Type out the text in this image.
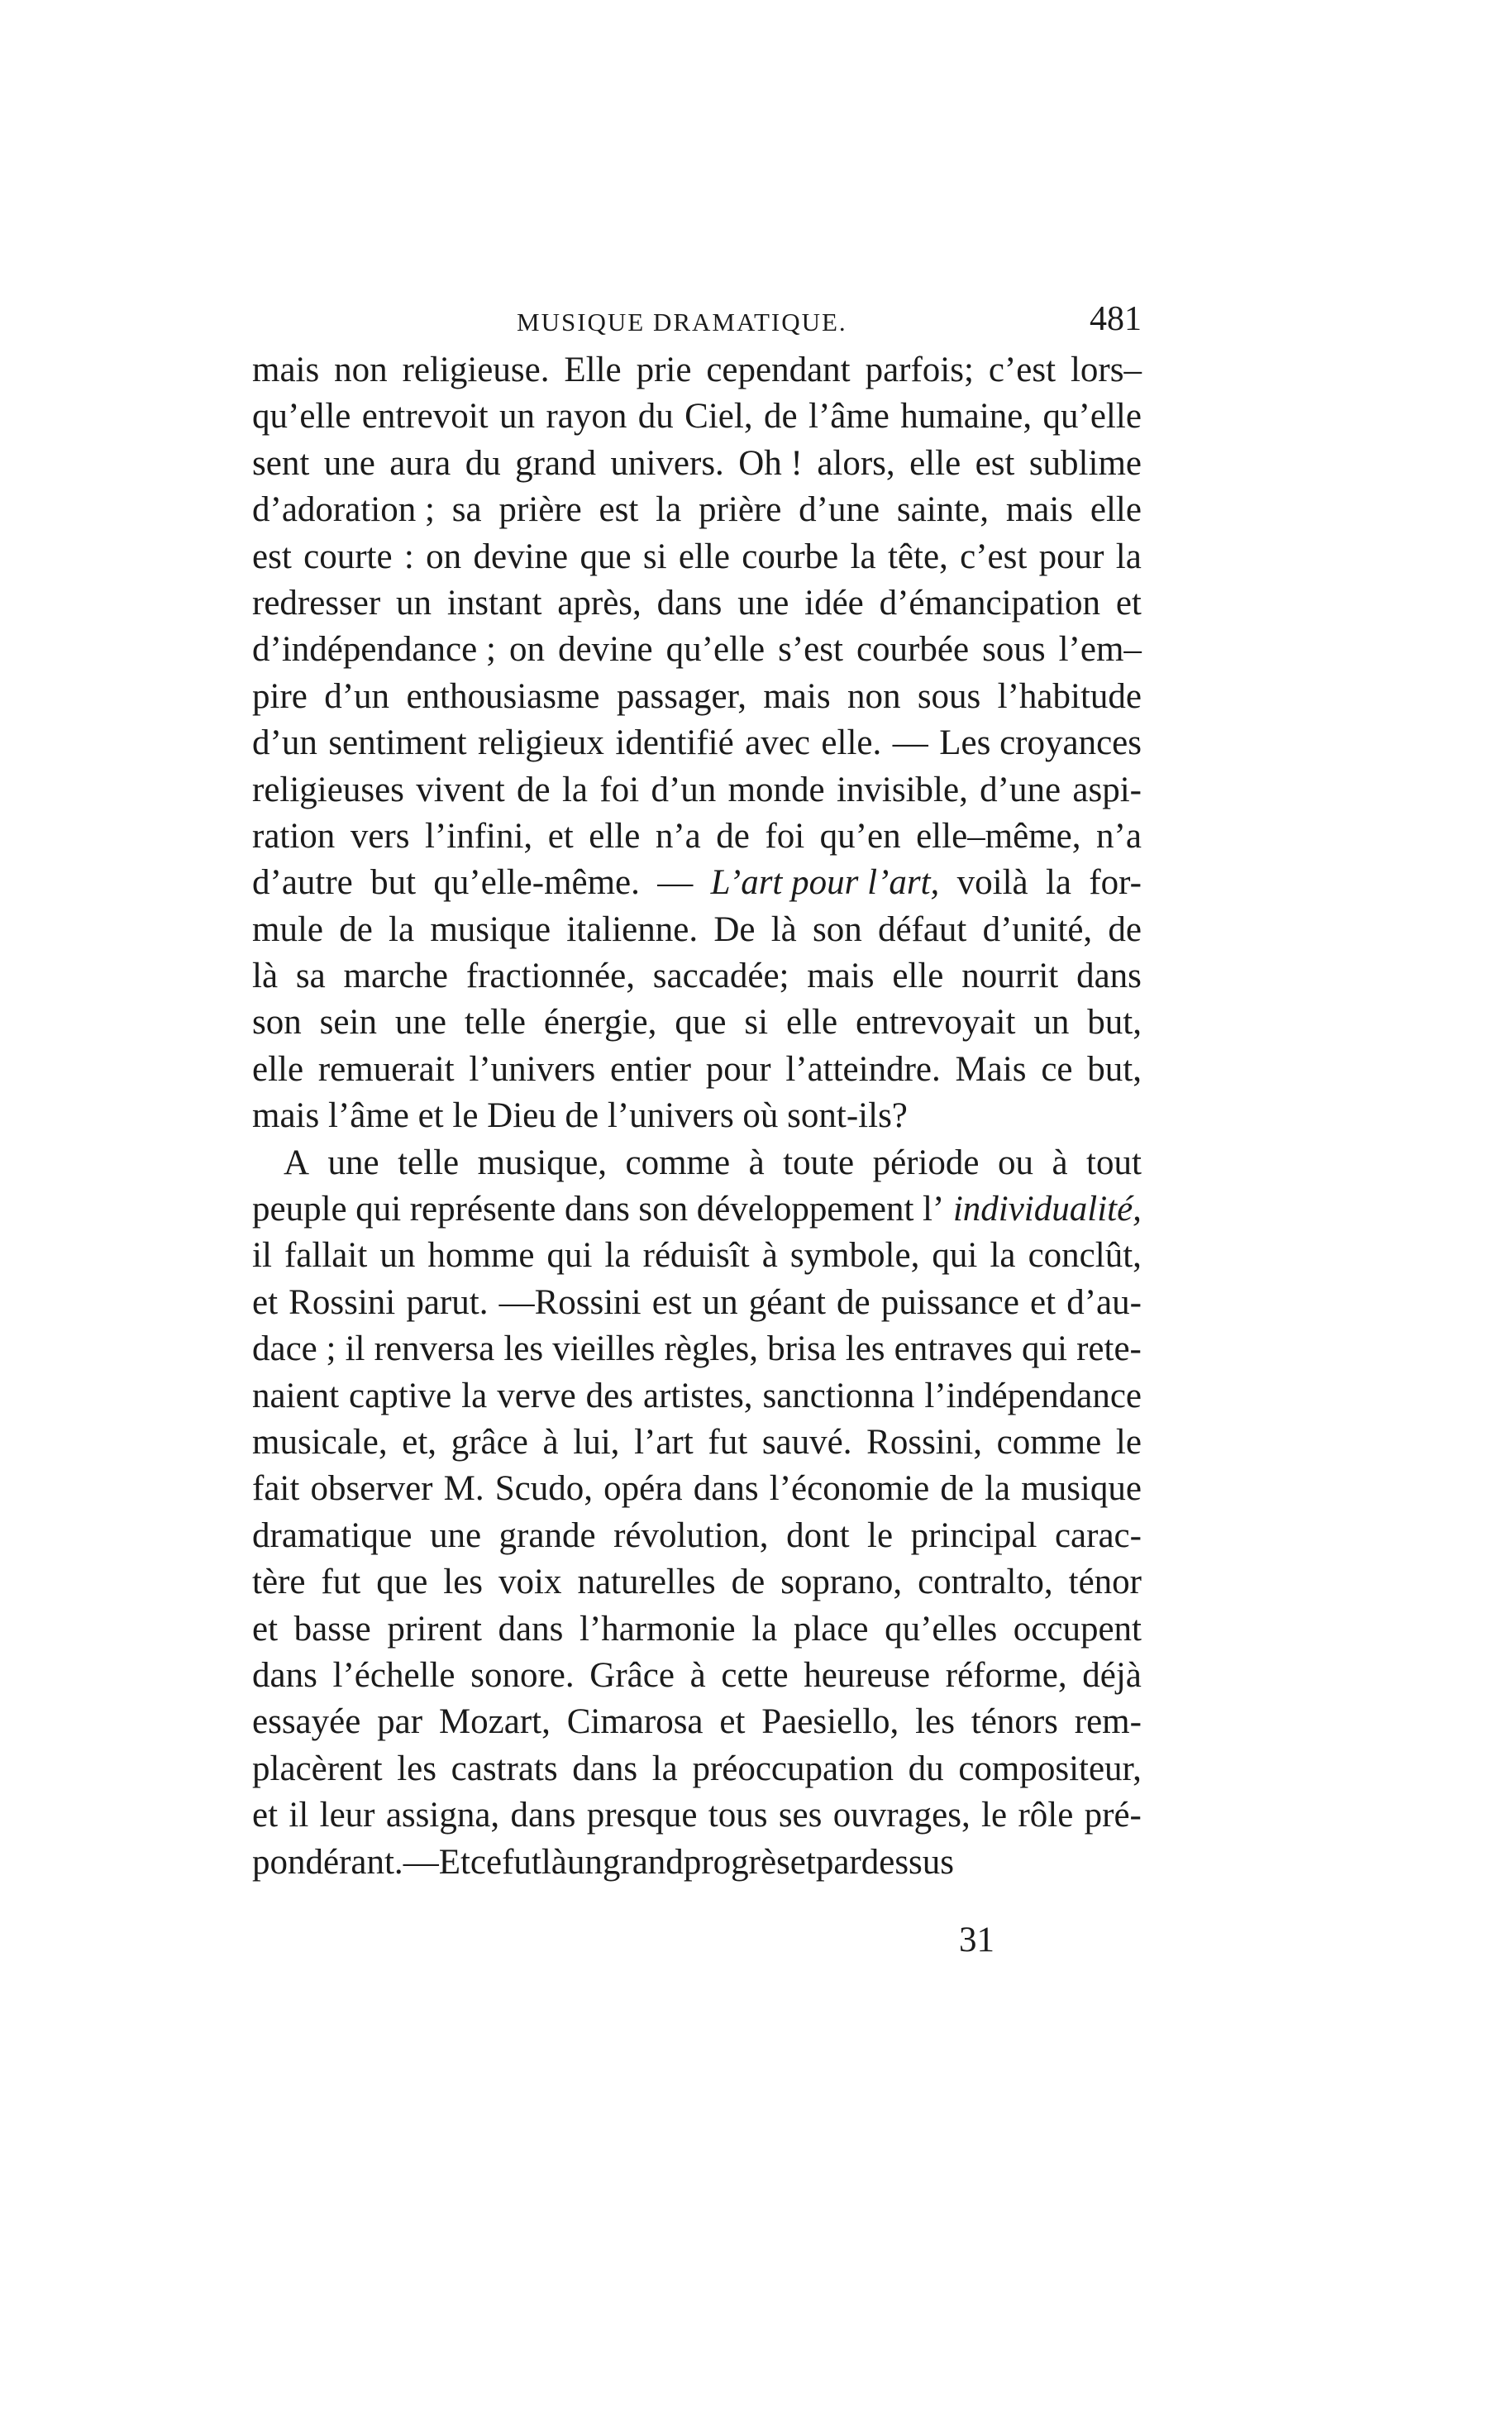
MUSIQUE DRAMATIQUE.	481
mais non religieuse. Elle prie cependant parfois; c’est lors–
qu’elle entrevoit un rayon du Ciel, de l’âme humaine, qu’elle
sent une aura du grand univers. Oh ! alors, elle est sublime
d’adoration ; sa prière est la prière d’une sainte, mais elle
est courte : on devine que si elle courbe la tête, c’est pour la
redresser un instant après, dans une idée d’émancipation et
d’indépendance ; on devine qu’elle s’est courbée sous l’em–
pire d’un enthousiasme passager, mais non sous l’habitude
d’un sentiment religieux identifié avec elle. — Les croyances
religieuses vivent de la foi d’un monde invisible, d’une aspi-
ration vers l’infini, et elle n’a de foi qu’en elle–même, n’a
d’autre but qu’elle-même. — L’art pour l’art, voilà la for-
mule de la musique italienne. De là son défaut d’unité, de
là sa marche fractionnée, saccadée; mais elle nourrit dans
son sein une telle énergie, que si elle entrevoyait un but,
elle remuerait l’univers entier pour l’atteindre. Mais ce but,
mais l’âme et le Dieu de l’univers où sont-ils?
A une telle musique, comme à toute période ou à tout
peuple qui représente dans son développement l’ individualité,
il fallait un homme qui la réduisît à symbole, qui la conclût,
et Rossini parut. —Rossini est un géant de puissance et d’au-
dace ; il renversa les vieilles règles, brisa les entraves qui rete-
naient captive la verve des artistes, sanctionna l’indépendance
musicale, et, grâce à lui, l’art fut sauvé. Rossini, comme le
fait observer M. Scudo, opéra dans l’économie de la musique
dramatique une grande révolution, dont le principal carac-
tère fut que les voix naturelles de soprano, contralto, ténor
et basse prirent dans l’harmonie la place qu’elles occupent
dans l’échelle sonore. Grâce à cette heureuse réforme, déjà
essayée par Mozart, Cimarosa et Paesiello, les ténors rem-
placèrent les castrats dans la préoccupation du compositeur,
et il leur assigna, dans presque tous ses ouvrages, le rôle pré-
pondérant. — Et ce fut là un grand progrès et par dessus
31
